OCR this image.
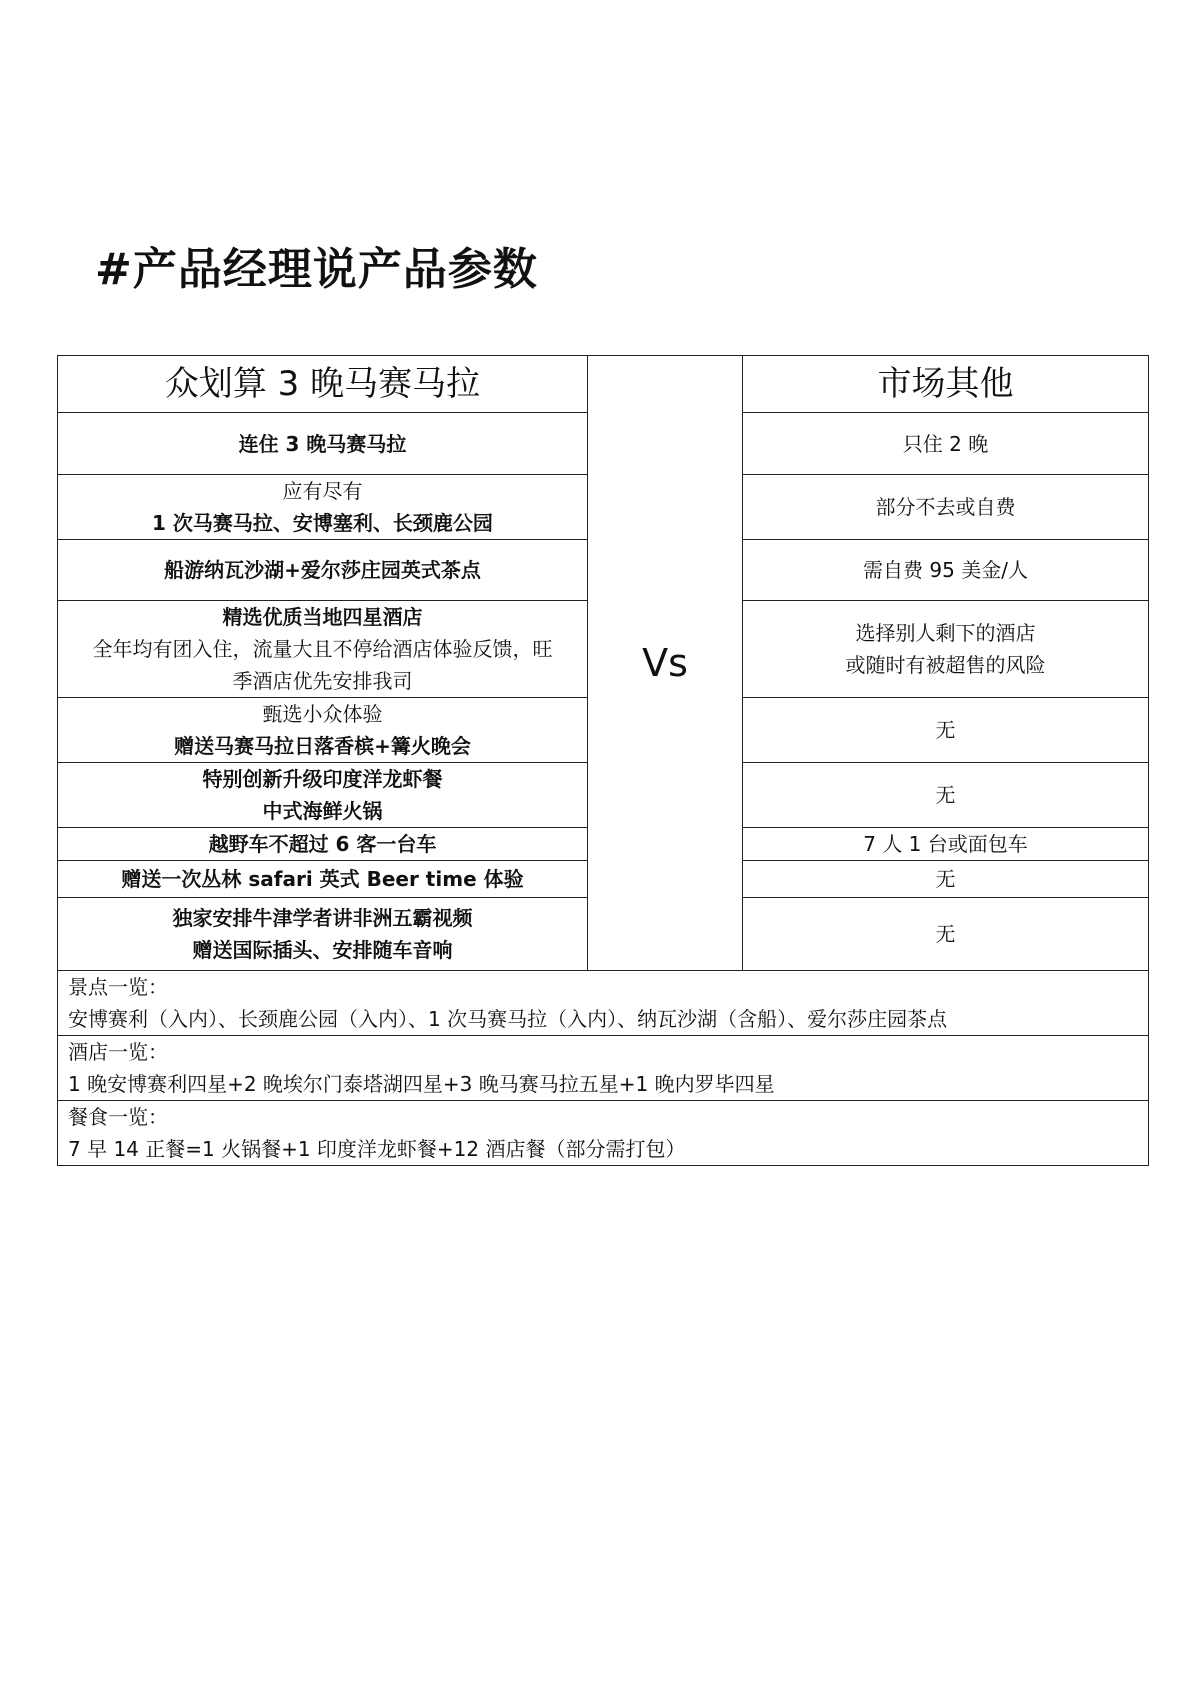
#产品经理说产品参数
众划算 3 晚马赛马拉	Vs	市场其他

连住 3 晚马赛马拉		只住 2 晚

应有尽有
1 次马赛马拉、安博塞利、长颈鹿公园		部分不去或自费

船游纳瓦沙湖+爱尔莎庄园英式茶点		需自费 95 美金/人

精选优质当地四星酒店
全年均有团入住，流量大且不停给酒店体验反馈，旺
季酒店优先安排我司		选择别人剩下的酒店
或随时有被超售的风险

甄选小众体验
赠送马赛马拉日落香槟+篝火晚会		无

特别创新升级印度洋龙虾餐
中式海鲜火锅		无

越野车不超过 6 客一台车		7 人 1 台或面包车

赠送一次丛林 safari 英式 Beer time 体验		无

独家安排牛津学者讲非洲五霸视频
赠送国际插头、安排随车音响		无

景点一览：
安博赛利（入内）、长颈鹿公园（入内）、1 次马赛马拉（入内）、纳瓦沙湖（含船）、爱尔莎庄园茶点		

酒店一览：
1 晚安博赛利四星+2 晚埃尔门泰塔湖四星+3 晚马赛马拉五星+1 晚内罗毕四星		

餐食一览：
7 早 14 正餐=1 火锅餐+1 印度洋龙虾餐+12 酒店餐（部分需打包）		
